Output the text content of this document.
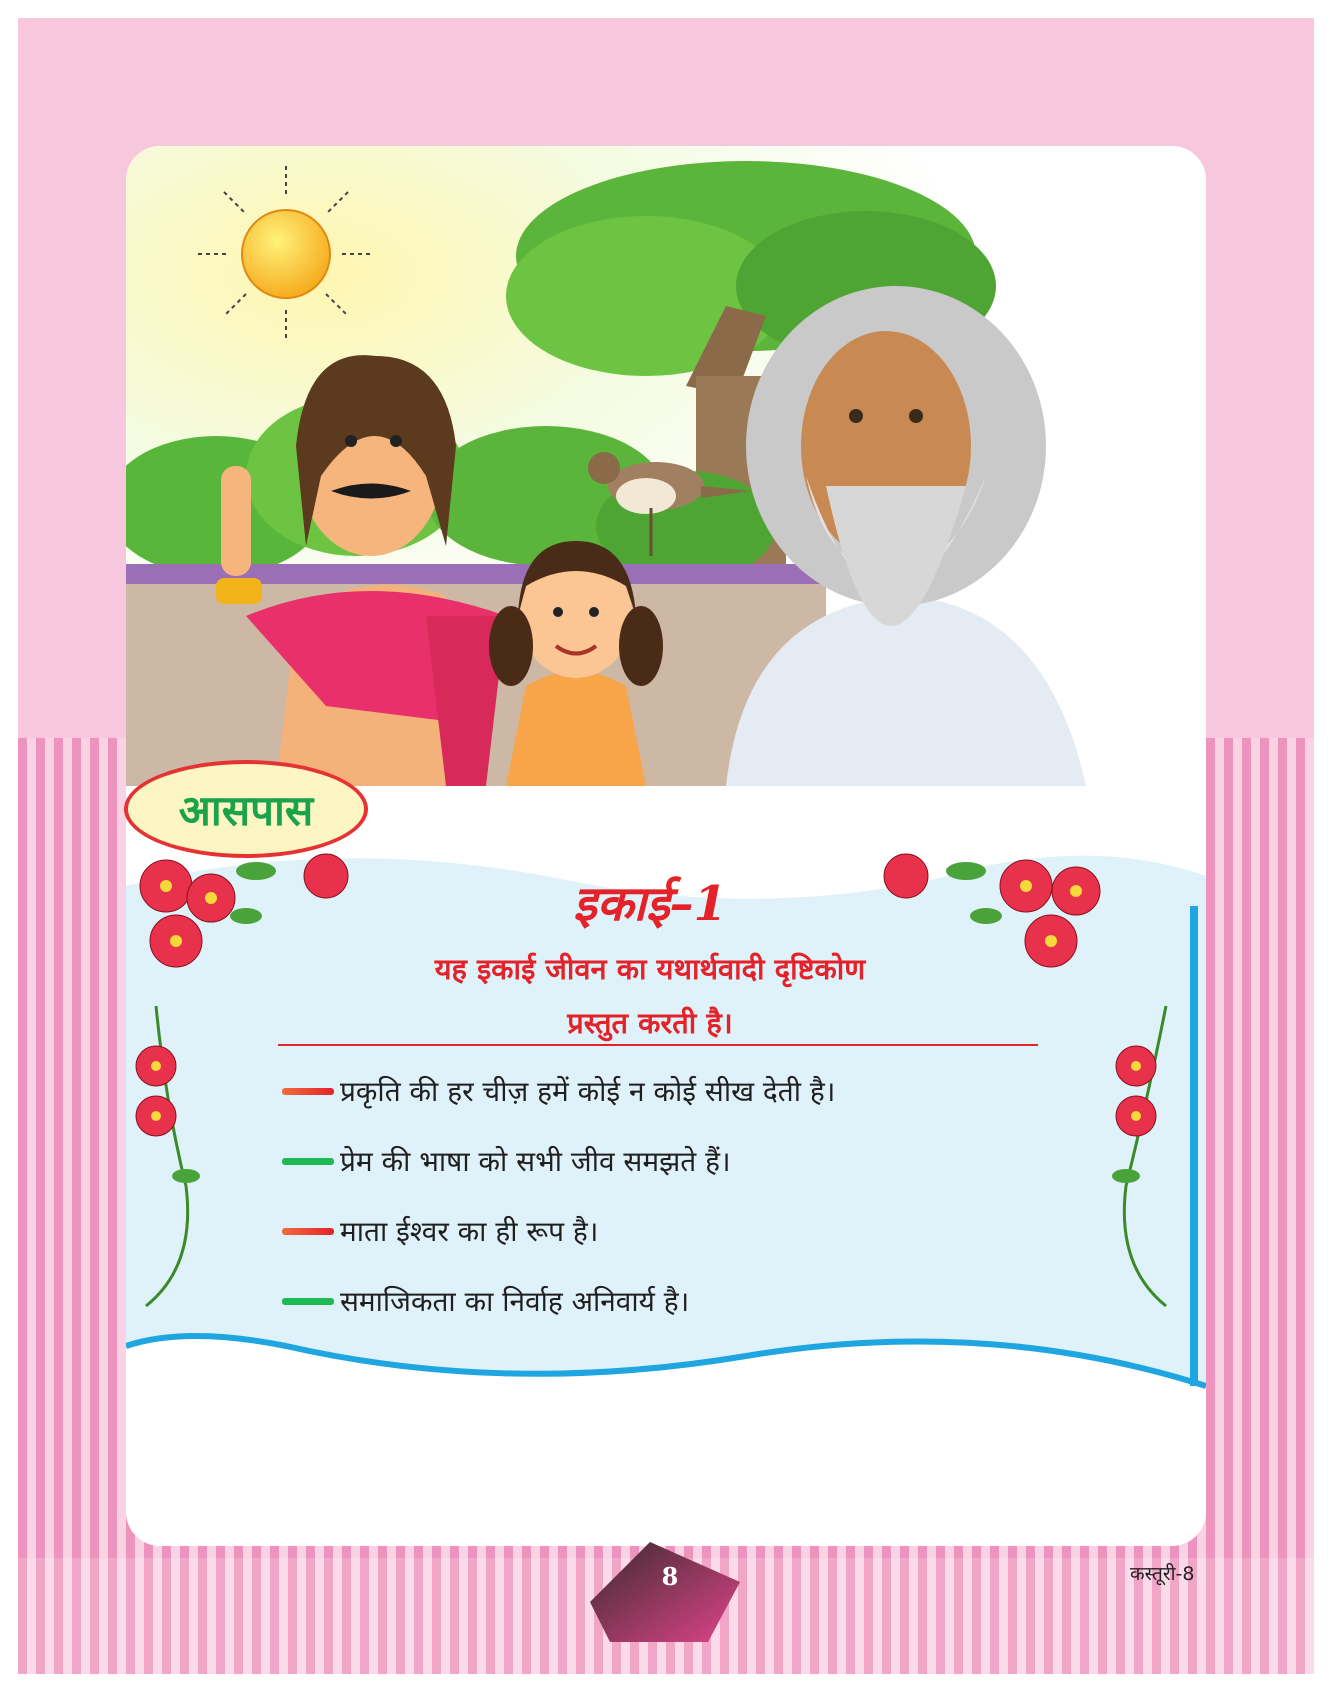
आसपास
इकाई–1
यह इकाई जीवन का यथार्थवादी दृष्टिकोण
प्रस्तुत करती है।
प्रकृति की हर चीज़ हमें कोई न कोई सीख देती है।
प्रेम की भाषा को सभी जीव समझते हैं।
माता ईश्वर का ही रूप है।
समाजिकता का निर्वाह अनिवार्य है।
8	कस्तूरी-8
